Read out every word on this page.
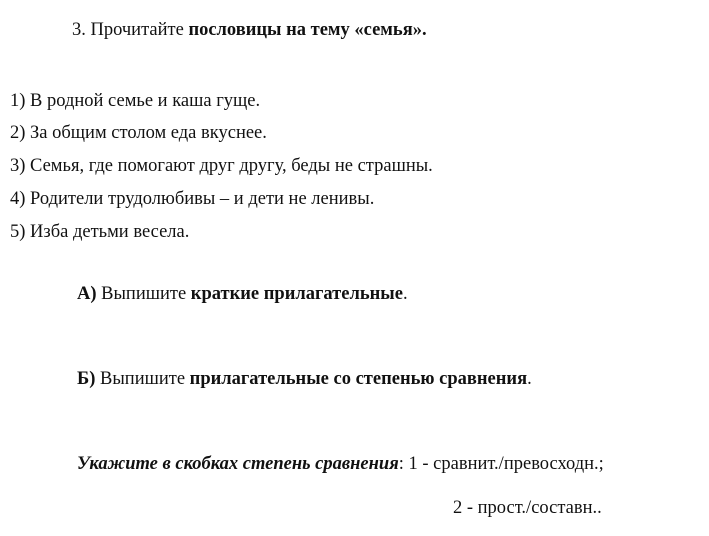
3. Прочитайте пословицы на тему «семья».
1) В родной семье и каша гуще.
2) За общим столом еда вкуснее.
3) Семья, где помогают друг другу, беды не страшны.
4) Родители трудолюбивы – и дети не ленивы.
5) Изба детьми весела.
А) Выпишите краткие прилагательные.
Б) Выпишите прилагательные со степенью сравнения.
Укажите в скобках степень сравнения: 1 - сравнит./превосходн.;
2 - прост./составн..
